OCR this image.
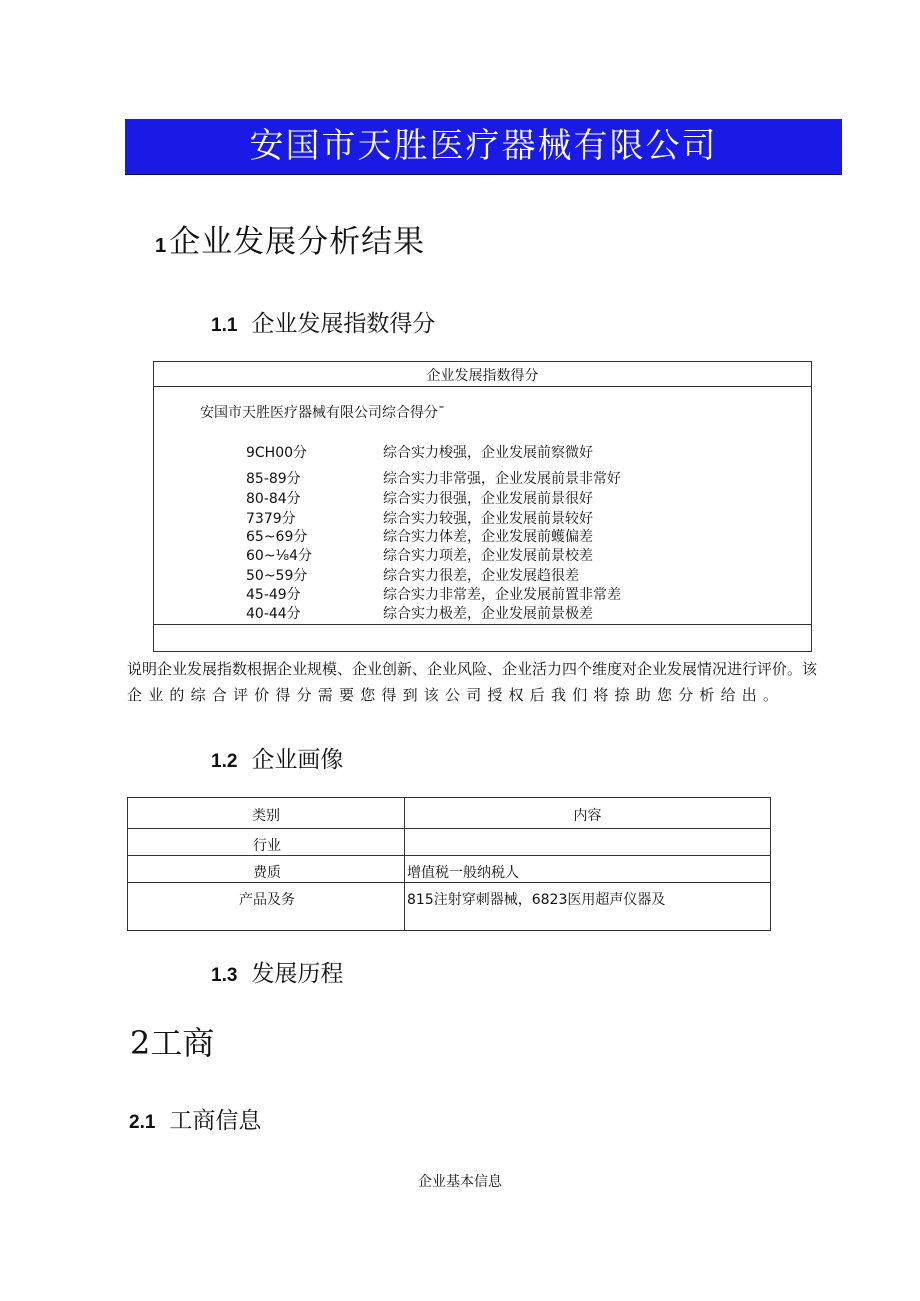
安国市天胜医疗器械有限公司
1企业发展分析结果
1.1 企业发展指数得分
企业发展指数得分
安国市天胜医疗器械有限公司综合得分¯
9CH00分	综合实力梭强，企业发展前察微好
85-89分	综合实力非常强，企业发展前景非常好
80-84分	综合实力很强，企业发展前景很好
7379分	综合实力较强，企业发展前景较好
65~69分	综合实力体差，企业发展前蠖偏差
60~⅛4分	综合实力项差，企业发展前景校差
50~59分	综合实力很差，企业发展趋很差
45-49分	综合实力非常差，企业发展前置非常差
40-44分	综合实力极差，企业发展前景极差
说明企业发展指数根据企业规模、企业创新、企业风险、企业活力四个维度对企业发展情况进行评价。该
企业的综合评价得分需要您得到该公司授权后我们将捺助您分析给出。
1.2 企业画像
类别	内容
行业	
费质	增值税一般纳税人
产品及务	815注射穿刺器械，6823医用超声仪器及
1.3 发展历程
2工商
2.1 工商信息
企业基本信息
